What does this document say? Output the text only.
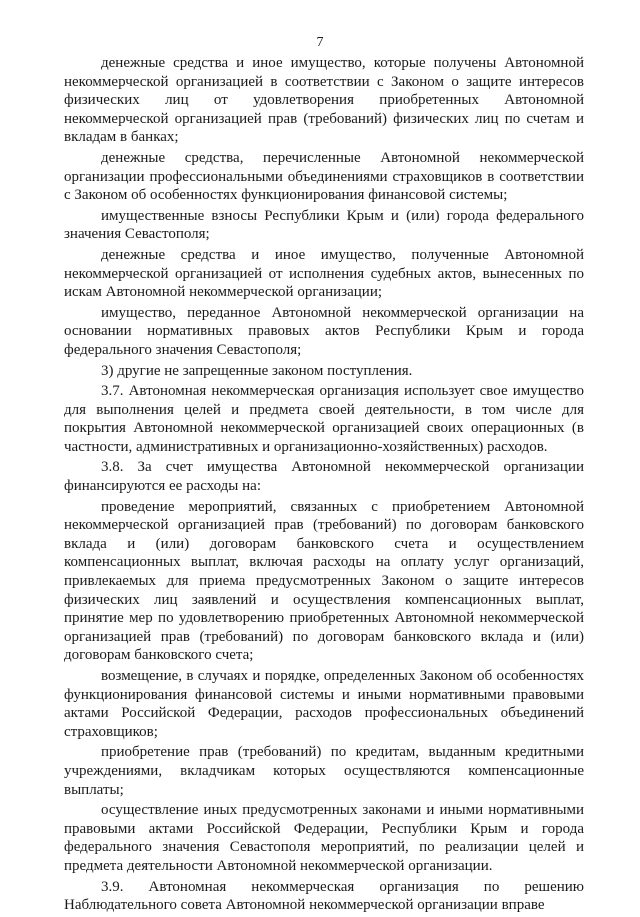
7

денежные средства и иное имущество, которые получены Автономной некоммерческой организацией в соответствии с Законом о защите интересов физических лиц от удовлетворения приобретенных Автономной некоммерческой организацией прав (требований) физических лиц по счетам и вкладам в банках;

денежные средства, перечисленные Автономной некоммерческой организации профессиональными объединениями страховщиков в соответствии с Законом об особенностях функционирования финансовой системы;

имущественные взносы Республики Крым и (или) города федерального значения Севастополя;

денежные средства и иное имущество, полученные Автономной некоммерческой организацией от исполнения судебных актов, вынесенных по искам Автономной некоммерческой организации;

имущество, переданное Автономной некоммерческой организации на основании нормативных правовых актов Республики Крым и города федерального значения Севастополя;

3) другие не запрещенные законом поступления.

3.7. Автономная некоммерческая организация использует свое имущество для выполнения целей и предмета своей деятельности, в том числе для покрытия Автономной некоммерческой организацией своих операционных (в частности, административных и организационно-хозяйственных) расходов.

3.8. За счет имущества Автономной некоммерческой организации финансируются ее расходы на:

проведение мероприятий, связанных с приобретением Автономной некоммерческой организацией прав (требований) по договорам банковского вклада и (или) договорам банковского счета и осуществлением компенсационных выплат, включая расходы на оплату услуг организаций, привлекаемых для приема предусмотренных Законом о защите интересов физических лиц заявлений и осуществления компенсационных выплат, принятие мер по удовлетворению приобретенных Автономной некоммерческой организацией прав (требований) по договорам банковского вклада и (или) договорам банковского счета;

возмещение, в случаях и порядке, определенных Законом об особенностях функционирования финансовой системы и иными нормативными правовыми актами Российской Федерации, расходов профессиональных объединений страховщиков;

приобретение прав (требований) по кредитам, выданным кредитными учреждениями, вкладчикам которых осуществляются компенсационные выплаты;

осуществление иных предусмотренных законами и иными нормативными правовыми актами Российской Федерации, Республики Крым и города федерального значения Севастополя мероприятий, по реализации целей и предмета деятельности Автономной некоммерческой организации.

3.9. Автономная некоммерческая организация по решению Наблюдательного совета Автономной некоммерческой организации вправе
